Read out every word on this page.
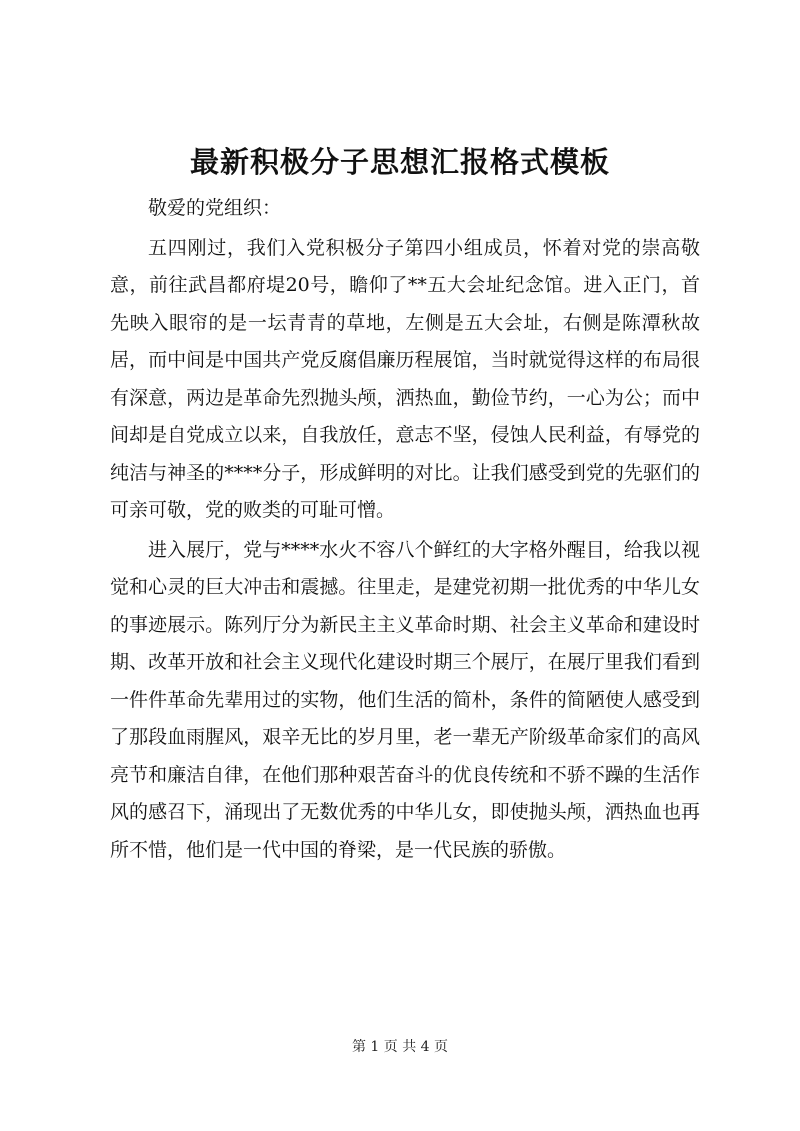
最新积极分子思想汇报格式模板

敬爱的党组织：

五四刚过，我们入党积极分子第四小组成员，怀着对党的崇高敬意，前往武昌都府堤20号，瞻仰了**五大会址纪念馆。进入正门，首先映入眼帘的是一坛青青的草地，左侧是五大会址，右侧是陈潭秋故居，而中间是中国共产党反腐倡廉历程展馆，当时就觉得这样的布局很有深意，两边是革命先烈抛头颅，洒热血，勤俭节约，一心为公；而中间却是自党成立以来，自我放任，意志不坚，侵蚀人民利益，有辱党的纯洁与神圣的****分子，形成鲜明的对比。让我们感受到党的先驱们的可亲可敬，党的败类的可耻可憎。

进入展厅，党与****水火不容八个鲜红的大字格外醒目，给我以视觉和心灵的巨大冲击和震撼。往里走，是建党初期一批优秀的中华儿女的事迹展示。陈列厅分为新民主主义革命时期、社会主义革命和建设时期、改革开放和社会主义现代化建设时期三个展厅，在展厅里我们看到一件件革命先辈用过的实物，他们生活的简朴，条件的简陋使人感受到了那段血雨腥风，艰辛无比的岁月里，老一辈无产阶级革命家们的高风亮节和廉洁自律，在他们那种艰苦奋斗的优良传统和不骄不躁的生活作风的感召下，涌现出了无数优秀的中华儿女，即使抛头颅，洒热血也再所不惜，他们是一代中国的脊梁，是一代民族的骄傲。

第 1 页 共 4 页
